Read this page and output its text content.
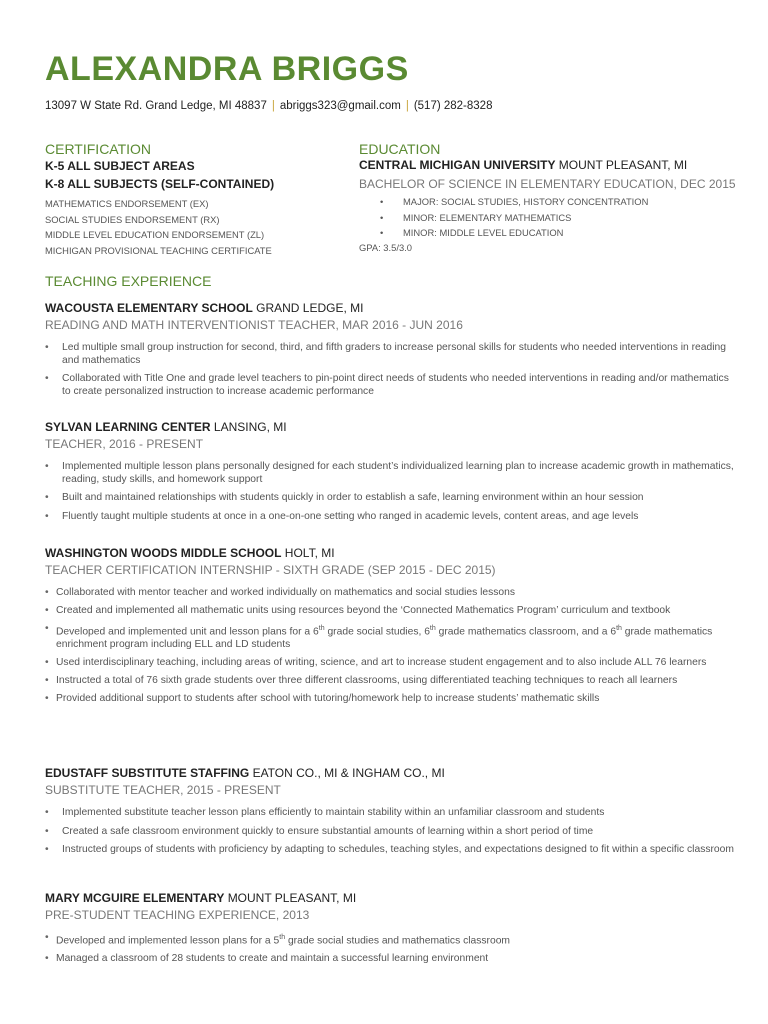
ALEXANDRA BRIGGS
13097 W State Rd. Grand Ledge, MI 48837 | abriggs323@gmail.com | (517) 282-8328
CERTIFICATION
K-5 ALL SUBJECT AREAS
K-8 ALL SUBJECTS (SELF-CONTAINED)
MATHEMATICS ENDORSEMENT (EX)
SOCIAL STUDIES ENDORSEMENT (RX)
MIDDLE LEVEL EDUCATION ENDORSEMENT (ZL)
MICHIGAN PROVISIONAL TEACHING CERTIFICATE
EDUCATION
CENTRAL MICHIGAN UNIVERSITY MOUNT PLEASANT, MI
BACHELOR OF SCIENCE IN ELEMENTARY EDUCATION, DEC 2015
• MAJOR: SOCIAL STUDIES, HISTORY CONCENTRATION
• MINOR: ELEMENTARY MATHEMATICS
• MINOR: MIDDLE LEVEL EDUCATION
GPA: 3.5/3.0
TEACHING EXPERIENCE
WACOUSTA ELEMENTARY SCHOOL GRAND LEDGE, MI
READING AND MATH INTERVENTIONIST TEACHER, MAR 2016 - JUN 2016
• Led multiple small group instruction for second, third, and fifth graders to increase personal skills for students who needed interventions in reading and mathematics
• Collaborated with Title One and grade level teachers to pin-point direct needs of students who needed interventions in reading and/or mathematics to create personalized instruction to increase academic performance
SYLVAN LEARNING CENTER LANSING, MI
TEACHER, 2016 - PRESENT
• Implemented multiple lesson plans personally designed for each student’s individualized learning plan to increase academic growth in mathematics, reading, study skills, and homework support
• Built and maintained relationships with students quickly in order to establish a safe, learning environment within an hour session
• Fluently taught multiple students at once in a one-on-one setting who ranged in academic levels, content areas, and age levels
WASHINGTON WOODS MIDDLE SCHOOL HOLT, MI
TEACHER CERTIFICATION INTERNSHIP - SIXTH GRADE (SEP 2015 - DEC 2015)
• Collaborated with mentor teacher and worked individually on mathematics and social studies lessons
• Created and implemented all mathematic units using resources beyond the ‘Connected Mathematics Program’ curriculum and textbook
• Developed and implemented unit and lesson plans for a 6th grade social studies, 6th grade mathematics classroom, and a 6th grade mathematics enrichment program including ELL and LD students
• Used interdisciplinary teaching, including areas of writing, science, and art to increase student engagement and to also include ALL 76 learners
• Instructed a total of 76 sixth grade students over three different classrooms, using differentiated teaching techniques to reach all learners
• Provided additional support to students after school with tutoring/homework help to increase students’ mathematic skills
EDUSTAFF SUBSTITUTE STAFFING EATON CO., MI & INGHAM CO., MI
SUBSTITUTE TEACHER, 2015 - PRESENT
• Implemented substitute teacher lesson plans efficiently to maintain stability within an unfamiliar classroom and students
• Created a safe classroom environment quickly to ensure substantial amounts of learning within a short period of time
• Instructed groups of students with proficiency by adapting to schedules, teaching styles, and expectations designed to fit within a specific classroom
MARY MCGUIRE ELEMENTARY MOUNT PLEASANT, MI
PRE-STUDENT TEACHING EXPERIENCE, 2013
• Developed and implemented lesson plans for a 5th grade social studies and mathematics classroom
• Managed a classroom of 28 students to create and maintain a successful learning environment
